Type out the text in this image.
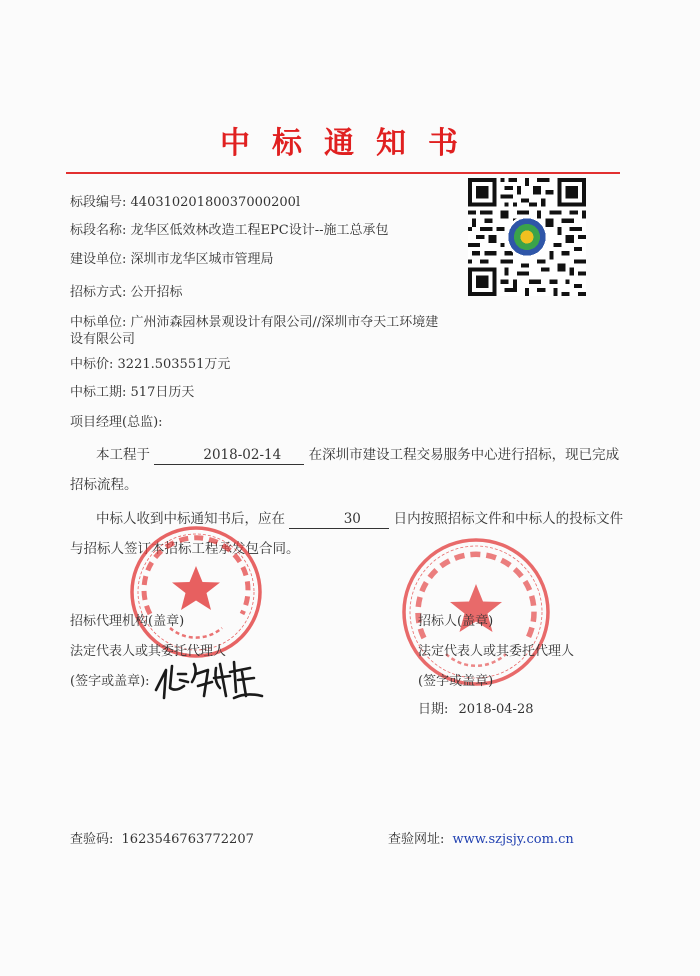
中标通知书
标段编号: 44031020180037000200l
标段名称: 龙华区低效林改造工程EPC设计--施工总承包
建设单位: 深圳市龙华区城市管理局
招标方式: 公开招标
中标单位: 广州沛森园林景观设计有限公司//深圳市夺天工环境建设有限公司
中标价: 3221.503551万元
中标工期: 517日历天
项目经理(总监):
本工程于	2018-02-14 在深圳市建设工程交易服务中心进行招标，现已完成招标流程。
中标人收到中标通知书后，应在	30 日内按照招标文件和中标人的投标文件与招标人签订本招标工程承发包合同。
招标代理机构(盖章)
法定代表人或其委托代理人
(签字或盖章):
招标人(盖章)
法定代表人或其委托代理人
(签字或盖章)
日期: 2018-04-28
查验码: 1623546763772207	查验网址: www.szjsjy.com.cn
